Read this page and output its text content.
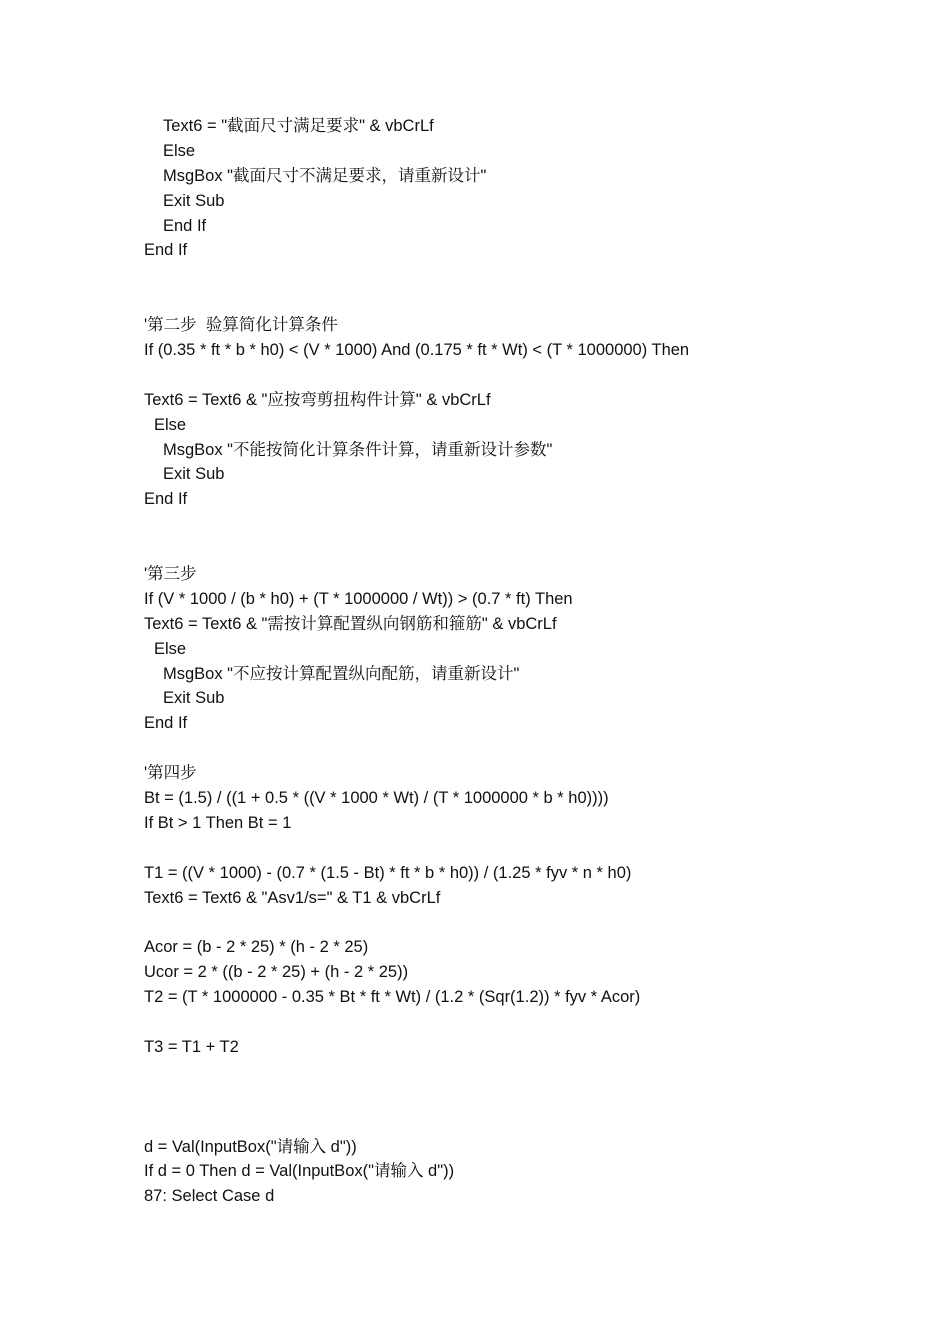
Text6 = "截面尺寸满足要求" & vbCrLf
Else
MsgBox "截面尺寸不满足要求，请重新设计"
Exit Sub
End If
End If
'第二步  验算简化计算条件
If (0.35 * ft * b * h0) < (V * 1000) And (0.175 * ft * Wt) < (T * 1000000) Then
Text6 = Text6 & "应按弯剪扭构件计算" & vbCrLf
Else
MsgBox "不能按简化计算条件计算，请重新设计参数"
Exit Sub
End If
'第三步
If (V * 1000 / (b * h0) + (T * 1000000 / Wt)) > (0.7 * ft) Then
Text6 = Text6 & "需按计算配置纵向钢筋和箍筋" & vbCrLf
Else
MsgBox "不应按计算配置纵向配筋，请重新设计"
Exit Sub
End If
'第四步
Bt = (1.5) / ((1 + 0.5 * ((V * 1000 * Wt) / (T * 1000000 * b * h0))))
If Bt > 1 Then Bt = 1
T1 = ((V * 1000) - (0.7 * (1.5 - Bt) * ft * b * h0)) / (1.25 * fyv * n * h0)
Text6 = Text6 & "Asv1/s=" & T1 & vbCrLf
Acor = (b - 2 * 25) * (h - 2 * 25)
Ucor = 2 * ((b - 2 * 25) + (h - 2 * 25))
T2 = (T * 1000000 - 0.35 * Bt * ft * Wt) / (1.2 * (Sqr(1.2)) * fyv * Acor)
T3 = T1 + T2
d = Val(InputBox("请输入 d"))
If d = 0 Then d = Val(InputBox("请输入 d"))
87: Select Case d
